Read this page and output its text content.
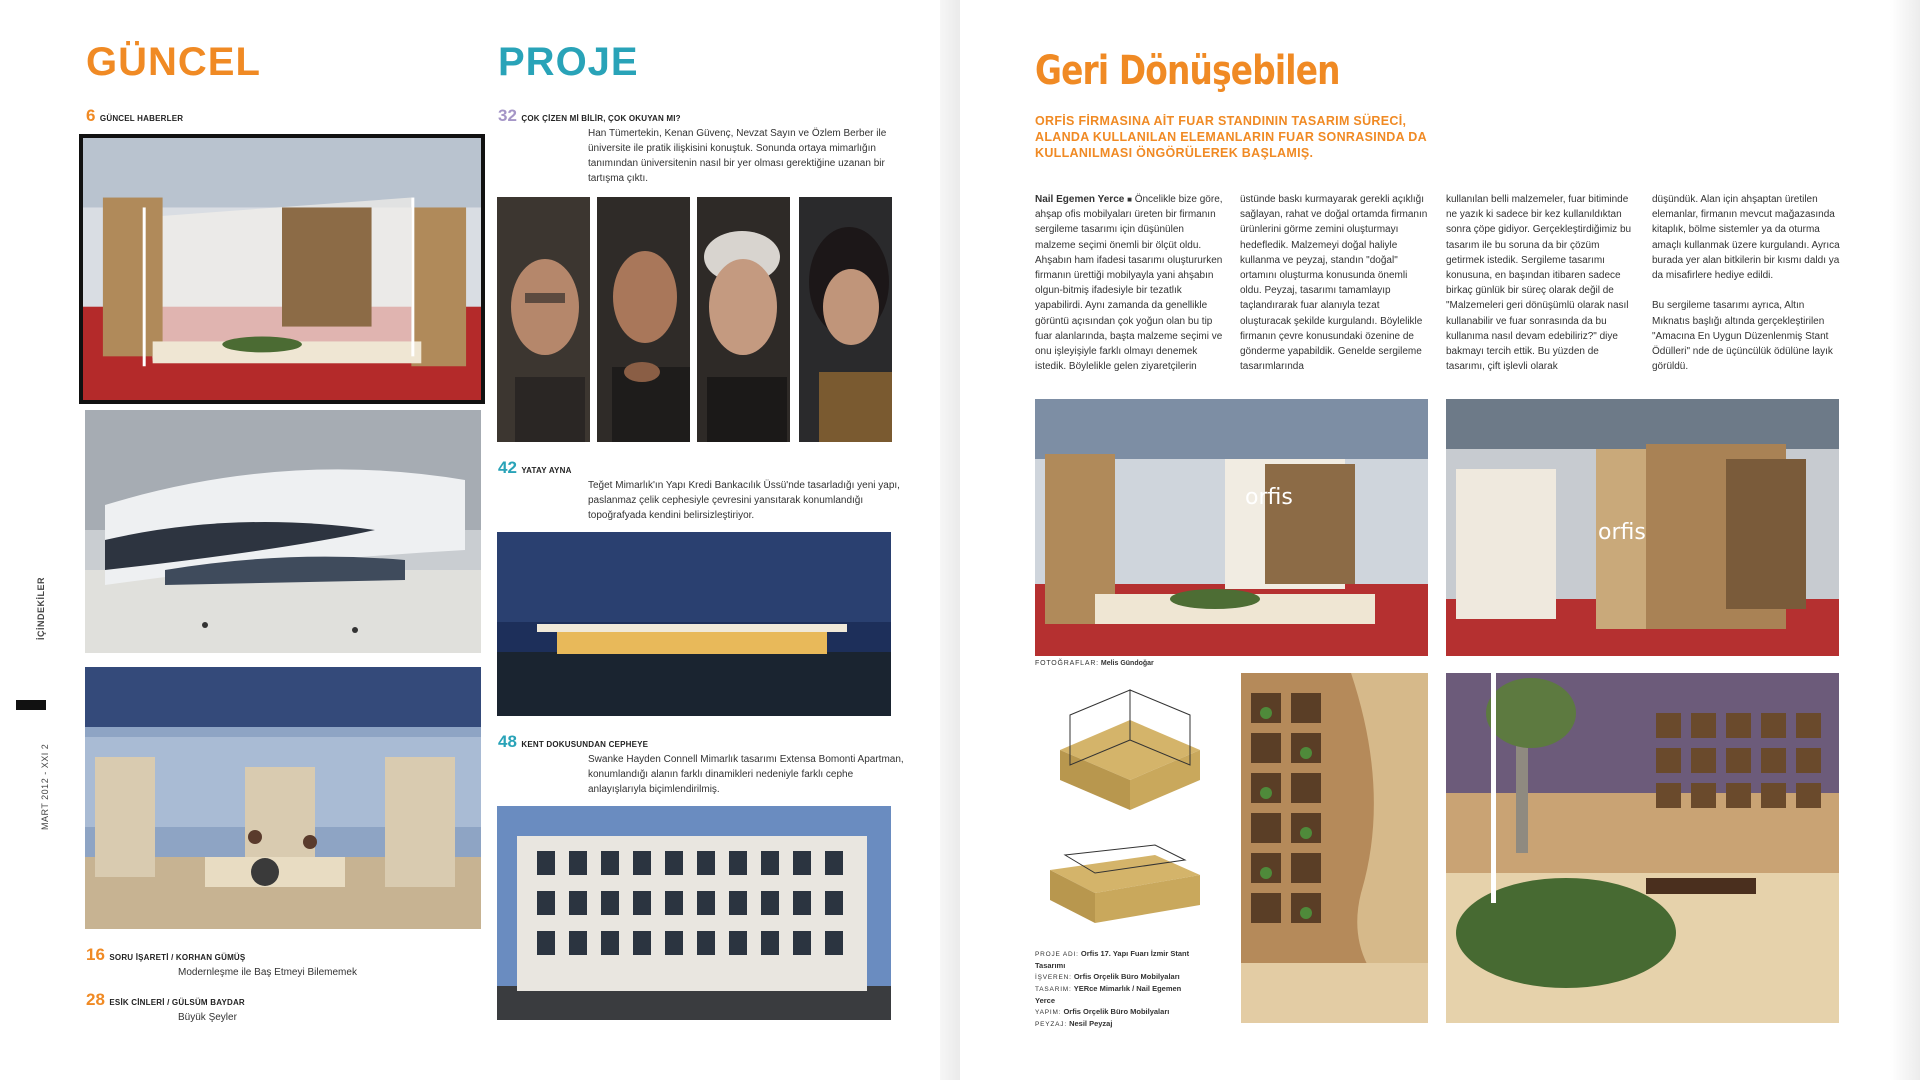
GÜNCEL	PROJE
6 GÜNCEL HABERLER
16 SORU İŞARETİ / KORHAN GÜMÜŞ
Modernleşme ile Baş Etmeyi Bilememek
28 ESİK CİNLERİ / GÜLSÜM BAYDAR
Büyük Şeyler
32 ÇOK ÇİZEN Mİ BİLİR, ÇOK OKUYAN MI?
Han Tümertekin, Kenan Güvenç, Nevzat Sayın ve Özlem Berber ile üniversite ile pratik ilişkisini konuştuk. Sonunda ortaya mimarlığın tanımından üniversitenin nasıl bir yer olması gerektiğine uzanan bir tartışma çıktı.
42 YATAY AYNA
Teğet Mimarlık'ın Yapı Kredi Bankacılık Üssü'nde tasarladığı yeni yapı, paslanmaz çelik cephesiyle çevresini yansıtarak konumlandığı topoğrafyada kendini belirsizleştiriyor.
48 KENT DOKUSUNDAN CEPHEYE
Swanke Hayden Connell Mimarlık tasarımı Extensa Bomonti Apartman, konumlandığı alanın farklı dinamikleri nedeniyle farklı cephe anlayışlarıyla biçimlendirilmiş.
İÇİNDEKİLER
MART 2012 - XXI 2
Geri Dönüşebilen
ORFİS FİRMASINA AİT FUAR STANDININ TASARIM SÜRECİ, ALANDA KULLANILAN ELEMANLARIN FUAR SONRASINDA DA KULLANILMASI ÖNGÖRÜLEREK BAŞLAMIŞ.
Nail Egemen Yerce ■ Öncelikle bize göre, ahşap ofis mobilyaları üreten bir firmanın sergileme tasarımı için düşünülen malzeme seçimi önemli bir ölçüt oldu. Ahşabın ham ifadesi tasarımı oluştururken firmanın ürettiği mobilyayla yani ahşabın olgun-bitmiş ifadesiyle bir tezatlık yapabilirdi. Aynı zamanda da genellikle görüntü açısından çok yoğun olan bu tip fuar alanlarında, başta malzeme seçimi ve onu işleyişiyle farklı olmayı denemek istedik. Böylelikle gelen ziyaretçilerin
üstünde baskı kurmayarak gerekli açıklığı sağlayan, rahat ve doğal ortamda firmanın ürünlerini görme zemini oluşturmayı hedefledik. Malzemeyi doğal haliyle kullanma ve peyzaj, standın "doğal" ortamını oluşturma konusunda önemli oldu. Peyzaj, tasarımı tamamlayıp taçlandırarak fuar alanıyla tezat oluşturacak şekilde kurgulandı. Böylelikle firmanın çevre konusundaki özenine de gönderme yapabildik. Genelde sergileme tasarımlarında
kullanılan belli malzemeler, fuar bitiminde ne yazık ki sadece bir kez kullanıldıktan sonra çöpe gidiyor. Gerçekleştirdiğimiz bu tasarım ile bu soruna da bir çözüm getirmek istedik. Sergileme tasarımı konusuna, en başından itibaren sadece birkaç günlük bir süreç olarak değil de "Malzemeleri geri dönüşümlü olarak nasıl kullanabilir ve fuar sonrasında da bu kullanıma nasıl devam edebiliriz?" diye bakmayı tercih ettik. Bu yüzden de tasarımı, çift işlevli olarak
düşündük. Alan için ahşaptan üretilen elemanlar, firmanın mevcut mağazasında kitaplık, bölme sistemler ya da oturma amaçlı kullanmak üzere kurgulandı. Ayrıca burada yer alan bitkilerin bir kısmı daldı ya da misafirlere hediye edildi.

Bu sergileme tasarımı ayrıca, Altın Mıknatıs başlığı altında gerçekleştirilen "Amacına En Uygun Düzenlenmiş Stant Ödülleri" nde de üçüncülük ödülüne layık görüldü.
orfis
orfis
FOTOĞRAFLAR: Melis Gündoğar
PROJE ADI: Orfis 17. Yapı Fuarı İzmir Stant Tasarımı
İŞVEREN: Orfis Orçelik Büro Mobilyaları
TASARIM: YERce Mimarlık / Nail Egemen Yerce
YAPIM: Orfis Orçelik Büro Mobilyaları
PEYZAJ: Nesil Peyzaj
